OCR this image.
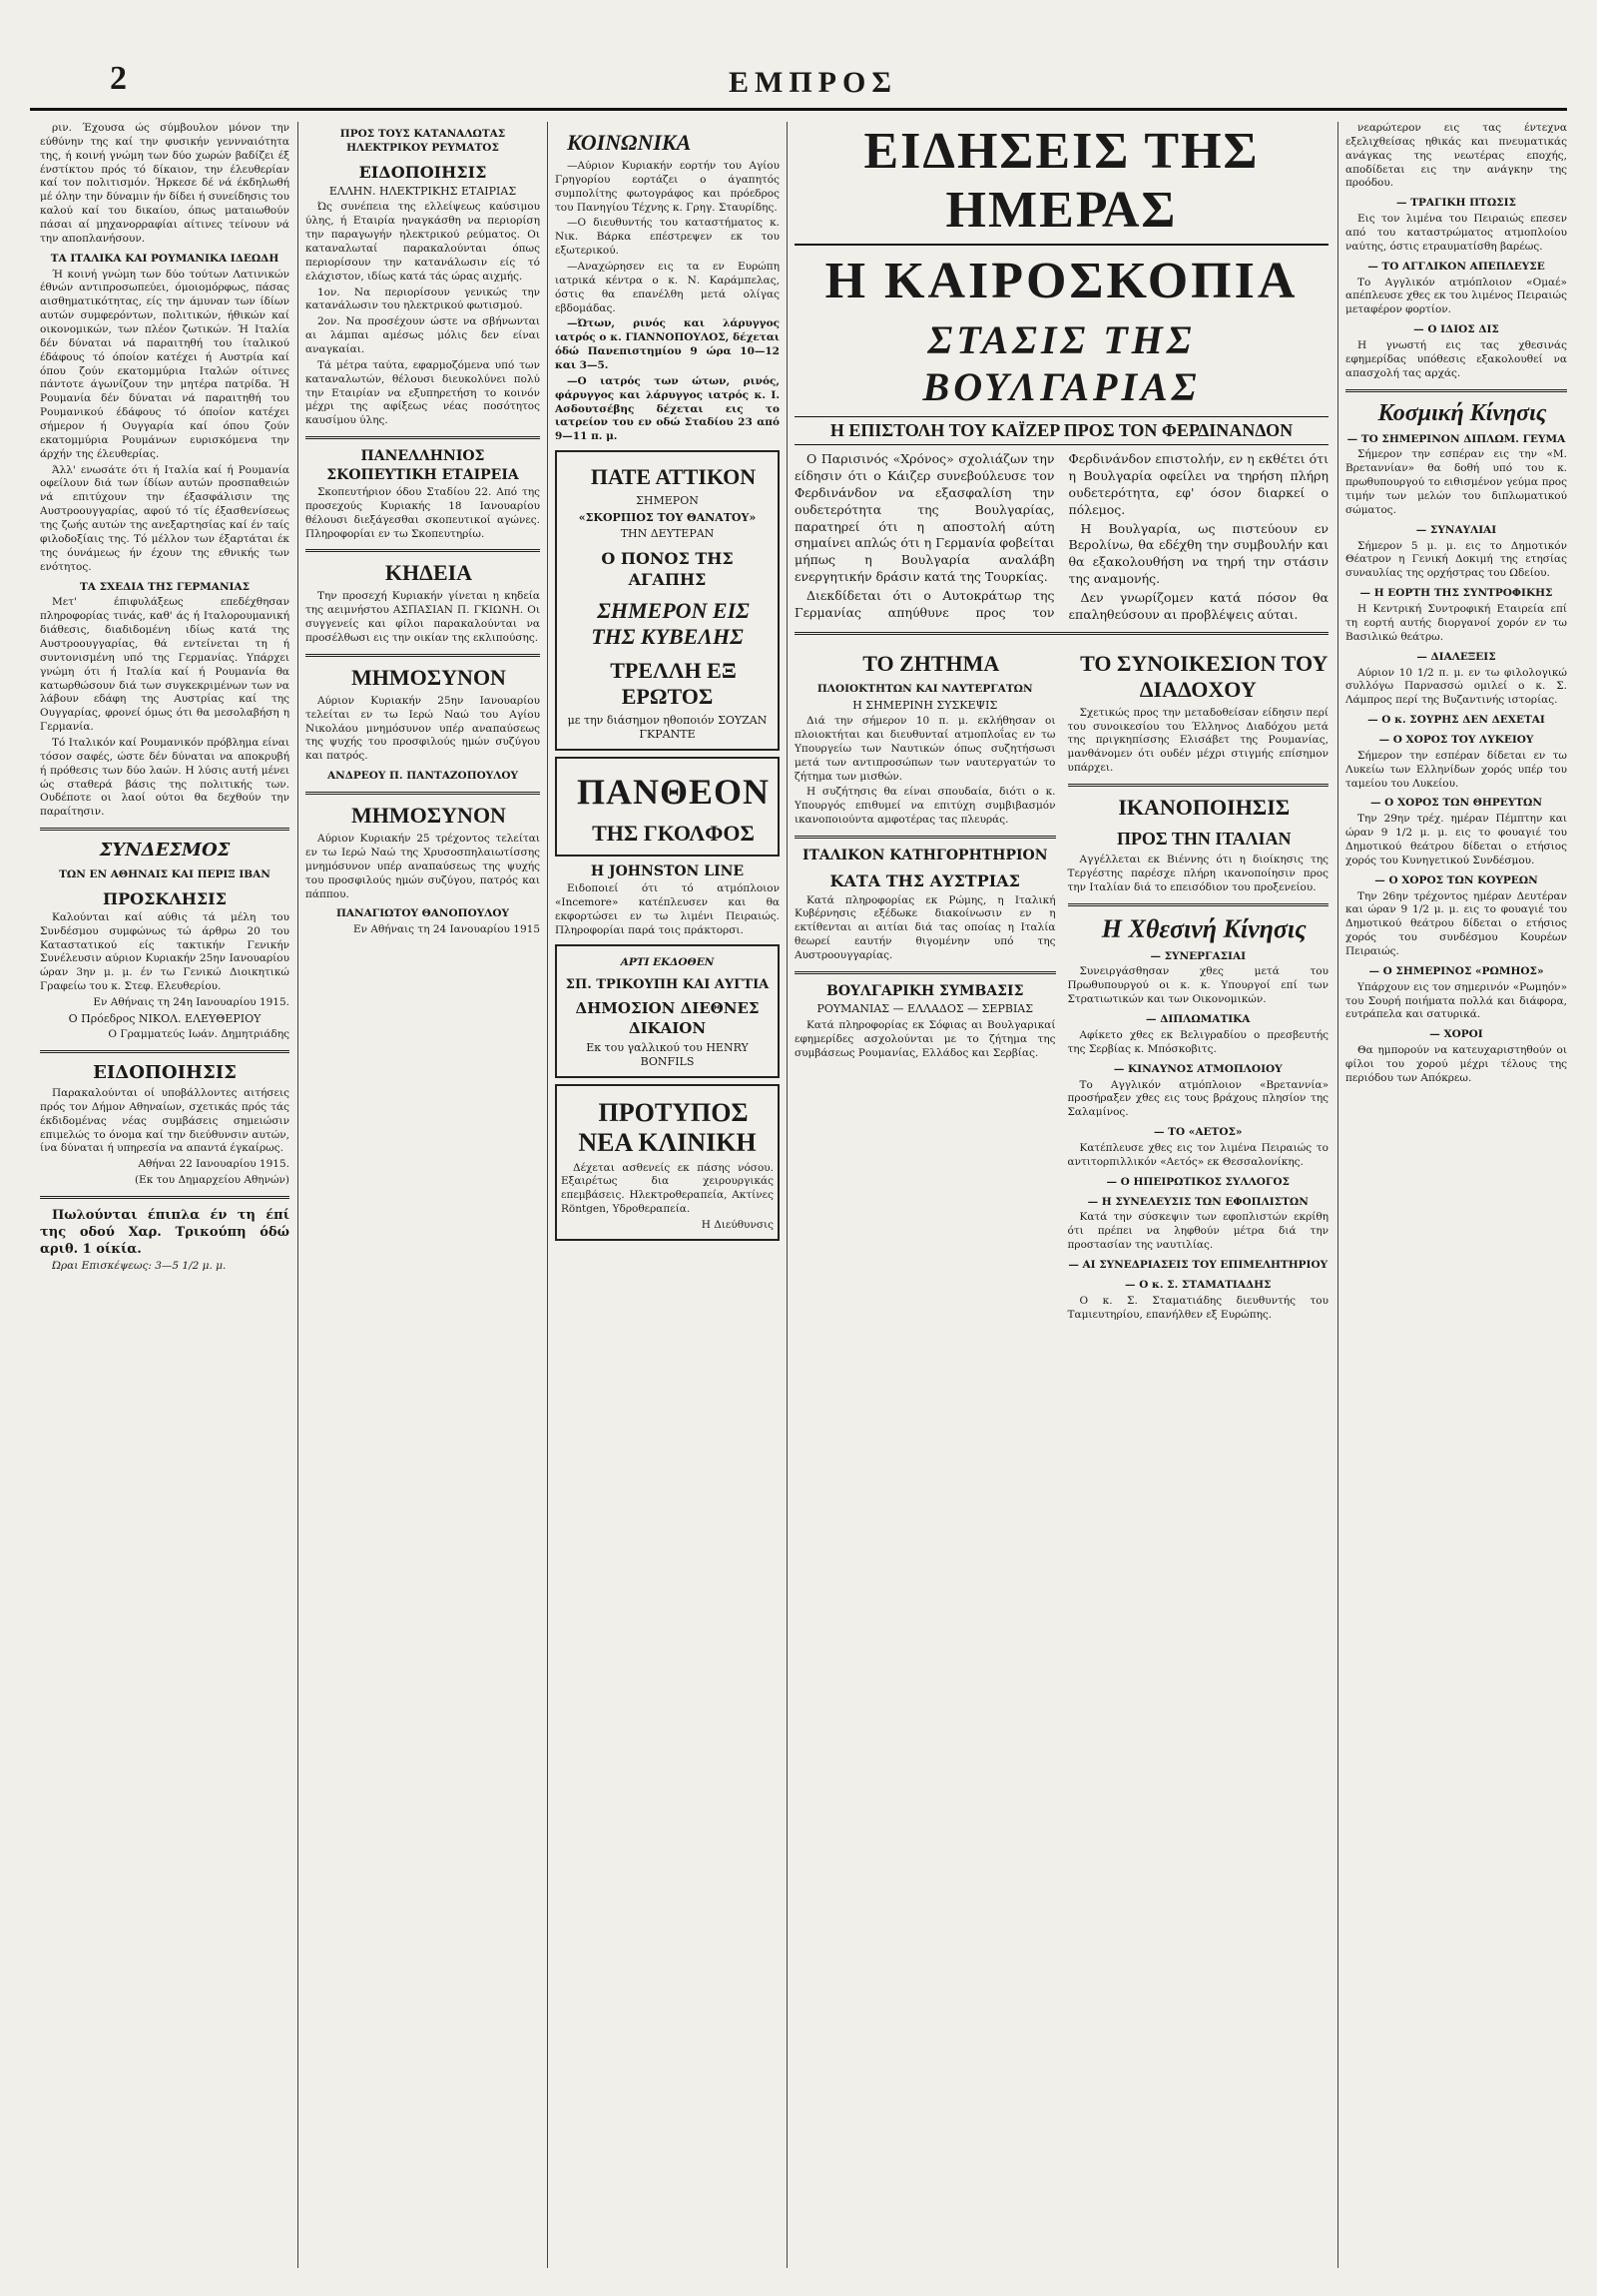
2	ΕΜΠΡΟΣ

ριν. Έχουσα ώς σύμβουλον μόνον την εύθύνην της καί την φυσικήν γεννναιότητα της, ή κοινή γνώμη των δύο χωρών βαδίζει έξ ένστίκτου πρός τό δίκαιον, την έλευθερίαν καί τον πολιτισμόν. Ήρκεσε δέ νά έκδηλωθή μέ όλην την δύναμιν ήν δίδει ή συνείδησις του καλού καί του δικαίου, όπως ματαιωθούν πάσαι αί μηχανορραφίαι αίτινες τείνουν νά την αποπλανήσουν.

ΤΑ ΙΤΑΛΙΚΑ ΚΑΙ ΡΟΥΜΑΝΙΚΑ ΙΔΕΩΔΗ

Ή κοινή γνώμη των δύο τούτων Λατινικών έθνών αντιπροσωπεύει, όμοιομόρφως, πάσας αισθηματικότητας, είς την άμυναν των ίδίων αυτών συμφερόντων, πολιτικών, ήθικών καί οικονομικών, των πλέον ζωτικών. Ή Ιταλία δέν δύναται νά παραιτηθή του ίταλικού έδάφους τό όποίον κατέχει ή Αυστρία καί όπου ζούν εκατομμύρια Ιταλών οίτινες πάντοτε άγωνίζουν την μητέρα πατρίδα. Ή Ρουμανία δέν δύναται νά παραιτηθή του Ρουμανικού έδάφους τό όποίον κατέχει σήμερον ή Ουγγαρία καί όπου ζούν εκατομμύρια Ρουμάνων ευρισκόμενα την άρχήν της έλευθερίας.

Άλλ' ενωσάτε ότι ή Ιταλία καί ή Ρουμανία οφείλουν διά των ίδίων αυτών προσπαθειών νά επιτύχουν την έξασφάλισιν της Αυστροουγγαρίας, αφού τό τίς έξασθενίσεως της ζωής αυτών της ανεξαρτησίας καί έν ταίς φιλοδοξίαις της. Τό μέλλον των έξαρτάται έκ της όυνάμεως ήν έχουν της εθνικής των ενότητος.

ΤΑ ΣΧΕΔΙΑ ΤΗΣ ΓΕΡΜΑΝΙΑΣ

Μετ' έπιφυλάξεως επεδέχθησαν πληροφορίας τινάς, καθ' άς ή Ιταλορουμανική διάθεσις, διαδιδομένη ιδίως κατά της Αυστροουγγαρίας, θά εντείνεται τη ή συντονισμένη υπό της Γερμανίας. Υπάρχει γνώμη ότι ή Ιταλία καί ή Ρουμανία θα κατωρθώσουν διά των συγκεκριμένων των να λάβουν εδάφη της Αυστρίας καί της Ουγγαρίας, φρονεί όμως ότι θα μεσολαβήση η Γερμανία.

Τό Ιταλικόν καί Ρουμανικόν πρόβλημα είναι τόσον σαφές, ώστε δέν δύναται να αποκρυβή ή πρόθεσις των δύο λαών. Η λύσις αυτή μένει ώς σταθερά βάσις της πολιτικής των. Ουδέποτε οι λαοί ούτοι θα δεχθούν την παραίτησιν.

ΣΥΝΔΕΣΜΟΣ

ΤΩΝ ΕΝ ΑΘΗΝΑΙΣ ΚΑΙ ΠΕΡΙΞ ΙΒΑΝ

ΠΡΟΣΚΛΗΣΙΣ

Καλούνται καί αύθις τά μέλη του Συνδέσμου συμφώνως τώ άρθρω 20 του Καταστατικού είς τακτικήν Γενικήν Συνέλευσιν αύριον Κυριακήν 25ην Ιανουαρίου ώραν 3ην μ. μ. έν τω Γενικώ Διοικητικώ Γραφείω του κ. Στεφ. Ελευθερίου.

Εν Αθήναις τη 24η Ιανουαρίου 1915.

Ο Πρόεδρος ΝΙΚΟΛ. ΕΛΕΥΘΕΡΙΟΥ

Ο Γραμματεύς Ιωάν. Δημητριάδης

ΕΙΔΟΠΟΙΗΣΙΣ

Παρακαλούνται οί υποβάλλοντες αιτήσεις πρός τον Δήμον Αθηναίων, σχετικάς πρός τάς έκδιδομένας νέας συμβάσεις σημειώσιν επιμελώς το όνομα καί την διεύθυνσιν αυτών, ίνα δύναται ή υπηρεσία να απαντά έγκαίρως.

Αθήναι 22 Ιανουαρίου 1915.

(Εκ του Δημαρχείου Αθηνών)

Πωλούνται έπιπλα έν τη έπί της οδού Χαρ. Τρικούπη όδώ αριθ. 1 οίκία.

Ώραι Επισκέψεως: 3—5 1/2 μ. μ.

ΠΡΟΣ ΤΟΥΣ ΚΑΤΑΝΑΛΩΤΑΣ ΗΛΕΚΤΡΙΚΟΥ ΡΕΥΜΑΤΟΣ

ΕΙΔΟΠΟΙΗΣΙΣ

ΕΛΛΗΝ. ΗΛΕΚΤΡΙΚΗΣ ΕΤΑΙΡΙΑΣ

Ώς συνέπεια της ελλείψεως καύσιμου ύλης, ή Εταιρία ηναγκάσθη να περιορίση την παραγωγήν ηλεκτρικού ρεύματος. Οι καταναλωταί παρακαλούνται όπως περιορίσουν την κατανάλωσιν είς τό ελάχιστον, ιδίως κατά τάς ώρας αιχμής.

1ον. Να περιορίσουν γενικώς την κατανάλωσιν του ηλεκτρικού φωτισμού.

2ον. Να προσέχουν ώστε να σβήνωνται αι λάμπαι αμέσως μόλις δεν είναι αναγκαίαι.

Τά μέτρα ταύτα, εφαρμοζόμενα υπό των καταναλωτών, θέλουσι διευκολύνει πολύ την Εταιρίαν να εξυπηρετήση το κοινόν μέχρι της αφίξεως νέας ποσότητος καυσίμου ύλης.

ΠΑΝΕΛΛΗΝΙΟΣ ΣΚΟΠΕΥΤΙΚΗ ΕΤΑΙΡΕΙΑ

Σκοπευτήριον όδου Σταδίου 22. Από της προσεχούς Κυριακής 18 Ιανουαρίου θέλουσι διεξάγεσθαι σκοπευτικοί αγώνες. Πληροφορίαι εν τω Σκοπευτηρίω.

ΚΗΔΕΙΑ

Την προσεχή Κυριακήν γίνεται η κηδεία της αειμνήστου ΑΣΠΑΣΙΑΝ Π. ΓΚΙΩΝΗ. Οι συγγενείς και φίλοι παρακαλούνται να προσέλθωσι εις την οικίαν της εκλιπούσης.

ΜΗΜΟΣΥΝΟΝ

Αύριον Κυριακήν 25ην Ιανουαρίου τελείται εν τω Ιερώ Ναώ του Αγίου Νικολάου μνημόσυνον υπέρ αναπαύσεως της ψυχής του προσφιλούς ημών συζύγου και πατρός.

ΑΝΔΡΕΟΥ Π. ΠΑΝΤΑΖΟΠΟΥΛΟΥ

ΜΗΜΟΣΥΝΟΝ

Αύριον Κυριακήν 25 τρέχοντος τελείται εν τω Ιερώ Ναώ της Χρυσοσπηλαιωτίσσης μνημόσυνον υπέρ αναπαύσεως της ψυχής του προσφιλούς ημών συζύγου, πατρός και πάππου.

ΠΑΝΑΓΙΩΤΟΥ ΘΑΝΟΠΟΥΛΟΥ

Εν Αθήναις τη 24 Ιανουαρίου 1915

ΚΟΙΝΩΝΙΚΑ

—Αύριον Κυριακήν εορτήν του Αγίου Γρηγορίου εορτάζει ο άγαπητός συμπολίτης φωτογράφος και πρόεδρος του Πανηγίου Τέχνης κ. Γρηγ. Σταυρίδης.

—Ο διευθυντής του καταστήματος κ. Νικ. Βάρκα επέστρεψεν εκ του εξωτερικού.

—Αναχώρησεν εις τα εν Ευρώπη ιατρικά κέντρα ο κ. Ν. Καράμπελας, όστις θα επανέλθη μετά ολίγας εβδομάδας.

—Ώτων, ρινός και λάρυγγος ιατρός ο κ. ΓΙΑΝΝΟΠΟΥΛΟΣ, δέχεται όδώ Πανεπιστημίου 9 ώρα 10—12 και 3—5.

—Ο ιατρός των ώτων, ρινός, φάρυγγος και λάρυγγος ιατρός κ. Ι. Ασδουτσέβης δέχεται εις το ιατρείον του εν οδώ Σταδίου 23 από 9—11 π. μ.

ΠΑΤΕ ΑΤΤΙΚΟΝ

ΣΗΜΕΡΟΝ

«ΣΚΟΡΠΙΟΣ ΤΟΥ ΘΑΝΑΤΟΥ»

ΤΗΝ ΔΕΥΤΕΡΑΝ

Ο ΠΟΝΟΣ ΤΗΣ ΑΓΑΠΗΣ

ΣΗΜΕΡΟΝ ΕΙΣ ΤΗΣ ΚΥΒΕΛΗΣ

ΤΡΕΛΛΗ ΕΞ ΕΡΩΤΟΣ

με την διάσημον ηθοποιόν ΣΟΥΖΑΝ ΓΚΡΑΝΤΕ

ΠΑΝΘΕΟΝ

ΤΗΣ ΓΚΟΛΦΟΣ

Η JOHNSTON LINE

Ειδοποιεί ότι τό ατμόπλοιον «Incemore» κατέπλευσεν και θα εκφορτώσει εν τω λιμένι Πειραιώς. Πληροφορίαι παρά τοις πράκτορσι.

ΑΡΤΙ ΕΚΔΟΘΕΝ

ΣΠ. ΤΡΙΚΟΥΠΗ ΚΑΙ ΑΥΓΤΙΑ

ΔΗΜΟΣΙΟΝ ΔΙΕΘΝΕΣ ΔΙΚΑΙΟΝ

Εκ του γαλλικού του HENRY BONFILS

ΠΡΟΤΥΠΟΣ ΝΕΑ ΚΛΙΝΙΚΗ

Δέχεται ασθενείς εκ πάσης νόσου. Εξαιρέτως δια χειρουργικάς επεμβάσεις. Ηλεκτροθεραπεία, Ακτίνες Röntgen, Υδροθεραπεία.

Η Διεύθυνσις

ΕΙΔΗΣΕΙΣ ΤΗΣ ΗΜΕΡΑΣ
Η ΚΑΙΡΟΣΚΟΠΙΑ
ΣΤΑΣΙΣ ΤΗΣ ΒΟΥΛΓΑΡΙΑΣ
Η ΕΠΙΣΤΟΛΗ ΤΟΥ ΚΑΪΖΕΡ ΠΡΟΣ ΤΟΝ ΦΕΡΔΙΝΑΝΔΟΝ

Ο Παρισινός «Χρόνος» σχολιάζων την είδησιν ότι ο Κάιζερ συνεβούλευσε τον Φερδινάνδον να εξασφαλίση την ουδετερότητα της Βουλγαρίας, παρατηρεί ότι η αποστολή αύτη σημαίνει απλώς ότι η Γερμανία φοβείται μήπως η Βουλγαρία αναλάβη ενεργητικήν δράσιν κατά της Τουρκίας.

Διεκδίδεται ότι ο Αυτοκράτωρ της Γερμανίας απηύθυνε προς τον Φερδινάνδον επιστολήν, εν η εκθέτει ότι η Βουλγαρία οφείλει να τηρήση πλήρη ουδετερότητα, εφ' όσον διαρκεί ο πόλεμος.

Η Βουλγαρία, ως πιστεύουν εν Βερολίνω, θα εδέχθη την συμβουλήν και θα εξακολουθήση να τηρή την στάσιν της αναμονής.

Δεν γνωρίζομεν κατά πόσον θα επαληθεύσουν αι προβλέψεις αύται.

ΤΟ ΖΗΤΗΜΑ

ΠΛΟΙΟΚΤΗΤΩΝ ΚΑΙ ΝΑΥΤΕΡΓΑΤΩΝ

Η ΣΗΜΕΡΙΝΗ ΣΥΣΚΕΨΙΣ

Διά την σήμερον 10 π. μ. εκλήθησαν οι πλοιοκτήται και διευθυνταί ατμοπλοΐας εν τω Υπουργείω των Ναυτικών όπως συζητήσωσι μετά των αντιπροσώπων των ναυτεργατών το ζήτημα των μισθών.

Η συζήτησις θα είναι σπουδαία, διότι ο κ. Υπουργός επιθυμεί να επιτύχη συμβιβασμόν ικανοποιούντα αμφοτέρας τας πλευράς.

ΙΤΑΛΙΚΟΝ ΚΑΤΗΓΟΡΗΤΗΡΙΟΝ

ΚΑΤΑ ΤΗΣ ΑΥΣΤΡΙΑΣ

Κατά πληροφορίας εκ Ρώμης, η Ιταλική Κυβέρνησις εξέδωκε διακοίνωσιν εν η εκτίθενται αι αιτίαι διά τας οποίας η Ιταλία θεωρεί εαυτήν θιγομένην υπό της Αυστροουγγαρίας.

ΒΟΥΛΓΑΡΙΚΗ ΣΥΜΒΑΣΙΣ

ΡΟΥΜΑΝΙΑΣ — ΕΛΛΑΔΟΣ — ΣΕΡΒΙΑΣ

Κατά πληροφορίας εκ Σόφιας αι Βουλγαρικαί εφημερίδες ασχολούνται με το ζήτημα της συμβάσεως Ρουμανίας, Ελλάδος και Σερβίας.

ΤΟ ΣΥΝΟΙΚΕΣΙΟΝ ΤΟΥ ΔΙΑΔΟΧΟΥ

Σχετικώς προς την μεταδοθείσαν είδησιν περί του συνοικεσίου του Έλληνος Διαδόχου μετά της πριγκηπίσσης Ελισάβετ της Ρουμανίας, μανθάνομεν ότι ουδέν μέχρι στιγμής επίσημον υπάρχει.

ΙΚΑΝΟΠΟΙΗΣΙΣ

ΠΡΟΣ ΤΗΝ ΙΤΑΛΙΑΝ

Αγγέλλεται εκ Βιέννης ότι η διοίκησις της Τεργέστης παρέσχε πλήρη ικανοποίησιν προς την Ιταλίαν διά το επεισόδιον του προξενείου.

Η Χθεσινή Κίνησις

— ΣΥΝΕΡΓΑΣΙΑΙ

Συνειργάσθησαν χθες μετά του Πρωθυπουργού οι κ. κ. Υπουργοί επί των Στρατιωτικών και των Οικονομικών.

— ΔΙΠΛΩΜΑΤΙΚΑ

Αφίκετο χθες εκ Βελιγραδίου ο πρεσβευτής της Σερβίας κ. Μπόσκοβιτς.

— ΚΙΝΑΥΝΟΣ ΑΤΜΟΠΛΟΙΟΥ

Το Αγγλικόν ατμόπλοιον «Βρεταννία» προσήραξεν χθες εις τους βράχους πλησίον της Σαλαμίνος.

— ΤΟ «ΑΕΤΟΣ»

Κατέπλευσε χθες εις τον λιμένα Πειραιώς το αντιτορπιλλικόν «Αετός» εκ Θεσσαλονίκης.

— Ο ΗΠΕΙΡΩΤΙΚΟΣ ΣΥΛΛΟΓΟΣ

— Η ΣΥΝΕΛΕΥΣΙΣ ΤΩΝ ΕΦΟΠΛΙΣΤΩΝ

Κατά την σύσκεψιν των εφοπλιστών εκρίθη ότι πρέπει να ληφθούν μέτρα διά την προστασίαν της ναυτιλίας.

— ΑΙ ΣΥΝΕΔΡΙΑΣΕΙΣ ΤΟΥ ΕΠΙΜΕΛΗΤΗΡΙΟΥ

— Ο κ. Σ. ΣΤΑΜΑΤΙΑΔΗΣ

Ο κ. Σ. Σταματιάδης διευθυντής του Ταμιευτηρίου, επανήλθεν εξ Ευρώπης.

νεαρώτερον εις τας έντεχνα εξελιχθείσας ηθικάς και πνευματικάς ανάγκας της νεωτέρας εποχής, αποδίδεται εις την ανάγκην της προόδου.

— ΤΡΑΓΙΚΗ ΠΤΩΣΙΣ

Εις τον λιμένα του Πειραιώς επεσεν από του καταστρώματος ατμοπλοίου ναύτης, όστις ετραυματίσθη βαρέως.

— ΤΟ ΑΓΓΛΙΚΟΝ ΑΠΕΠΛΕΥΣΕ

Το Αγγλικόν ατμόπλοιον «Ομαέ» απέπλευσε χθες εκ του λιμένος Πειραιώς μεταφέρον φορτίον.

— Ο ΙΔΙΟΣ ΔΙΣ

Η γνωστή εις τας χθεσινάς εφημερίδας υπόθεσις εξακολουθεί να απασχολή τας αρχάς.

Κοσμική Κίνησις

— ΤΟ ΣΗΜΕΡΙΝΟΝ ΔΙΠΛΩΜ. ΓΕΥΜΑ

Σήμερον την εσπέραν εις την «Μ. Βρεταννίαν» θα δοθή υπό του κ. πρωθυπουργού το ειθισμένον γεύμα προς τιμήν των μελών του διπλωματικού σώματος.

— ΣΥΝΑΥΛΙΑΙ

Σήμερον 5 μ. μ. εις το Δημοτικόν Θέατρον η Γενική Δοκιμή της ετησίας συναυλίας της ορχήστρας του Ωδείου.

— Η ΕΟΡΤΗ ΤΗΣ ΣΥΝΤΡΟΦΙΚΗΣ

Η Κεντρική Συντροφική Εταιρεία επί τη εορτή αυτής διοργανοί χορόν εν τω Βασιλικώ θεάτρω.

— ΔΙΑΛΕΞΕΙΣ

Αύριον 10 1/2 π. μ. εν τω φιλολογικώ συλλόγω Παρνασσώ ομιλεί ο κ. Σ. Λάμπρος περί της Βυζαντινής ιστορίας.

— Ο κ. ΣΟΥΡΗΣ ΔΕΝ ΔΕΧΕΤΑΙ

— Ο ΧΟΡΟΣ ΤΟΥ ΛΥΚΕΙΟΥ

Σήμερον την εσπέραν δίδεται εν τω Λυκείω των Ελληνίδων χορός υπέρ του ταμείου του Λυκείου.

— Ο ΧΟΡΟΣ ΤΩΝ ΘΗΡΕΥΤΩΝ

Την 29ην τρέχ. ημέραν Πέμπτην και ώραν 9 1/2 μ. μ. εις το φουαγιέ του Δημοτικού θεάτρου δίδεται ο ετήσιος χορός του Κυνηγετικού Συνδέσμου.

— Ο ΧΟΡΟΣ ΤΩΝ ΚΟΥΡΕΩΝ

Την 26ην τρέχοντος ημέραν Δευτέραν και ώραν 9 1/2 μ. μ. εις το φουαγιέ του Δημοτικού θεάτρου δίδεται ο ετήσιος χορός του συνδέσμου Κουρέων Πειραιώς.

— Ο ΣΗΜΕΡΙΝΟΣ «ΡΩΜΗΟΣ»

Υπάρχουν εις τον σημερινόν «Ρωμηόν» του Σουρή ποιήματα πολλά και διάφορα, ευτράπελα και σατυρικά.

— ΧΟΡΟΙ

Θα ημπορούν να κατευχαριστηθούν οι φίλοι του χορού μέχρι τέλους της περιόδου των Απόκρεω.
